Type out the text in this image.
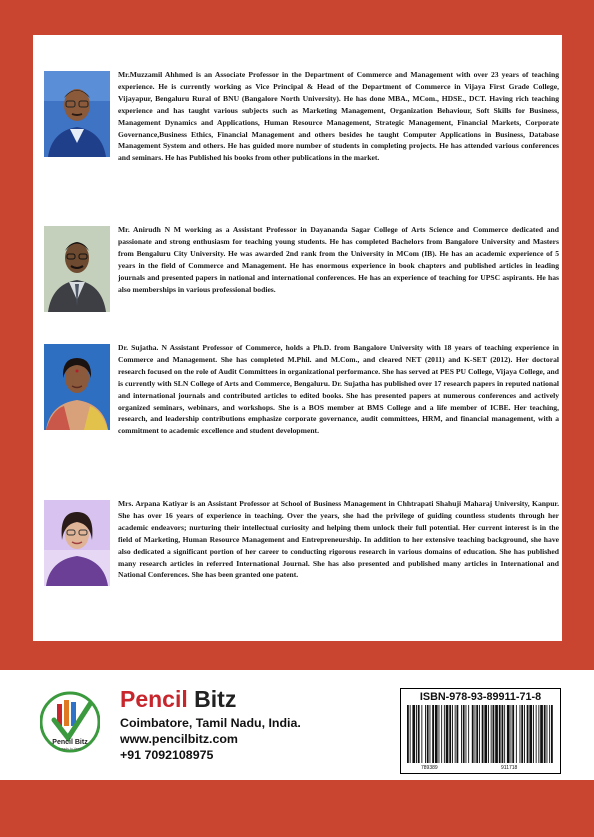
Mr.Muzzamil Ahhmed is an Associate Professor in the Department of Commerce and Management with over 23 years of teaching experience. He is currently working as Vice Principal & Head of the Department of Commerce in Vijaya First Grade College, Vijayapur, Bengaluru Rural of BNU (Bangalore North University). He has done MBA., MCom., HDSE., DCT. Having rich teaching experience and has taught various subjects such as Marketing Management, Organization Behaviour, Soft Skills for Business, Management Dynamics and Applications, Human Resource Management, Strategic Management, Financial Markets, Corporate Governance,Business Ethics, Financial Management and others besides he taught Computer Applications in Business, Database Management System and others. He has guided more number of students in completing projects. He has attended various conferences and seminars. He has Published his books from other publications in the market.

Mr. Anirudh N M working as a Assistant Professor in Dayananda Sagar College of Arts Science and Commerce dedicated and passionate and strong enthusiasm for teaching young students. He has completed Bachelors from Bangalore University and Masters from Bengaluru City University. He was awarded 2nd rank from the University in MCom (IB). He has an academic experience of 5 years in the field of Commerce and Management. He has enormous experience in book chapters and published articles in leading journals and presented papers in national and international conferences. He has an experience of teaching for UPSC aspirants. He has also memberships in various professional bodies.

Dr. Sujatha. N Assistant Professor of Commerce, holds a Ph.D. from Bangalore University with 18 years of teaching experience in Commerce and Management. She has completed M.Phil. and M.Com., and cleared NET (2011) and K-SET (2012). Her doctoral research focused on the role of Audit Committees in organizational performance. She has served at PES PU College, Vijaya College, and is currently with SLN College of Arts and Commerce, Bengaluru. Dr. Sujatha has published over 17 research papers in reputed national and international journals and contributed articles to edited books. She has presented papers at numerous conferences and actively organized seminars, webinars, and workshops. She is a BOS member at BMS College and a life member of ICBE. Her teaching, research, and leadership contributions emphasize corporate governance, audit committees, HRM, and financial management, with a commitment to academic excellence and student development.

Mrs. Arpana Katiyar is an Assistant Professor at School of Business Management in Chhtrapati Shahuji Maharaj University, Kanpur. She has over 16 years of experience in teaching. Over the years, she had the privilege of guiding countless students through her academic endeavors; nurturing their intellectual curiosity and helping them unlock their full potential. Her current interest is in the field of Marketing, Human Resource Management and Entrepreneurship. In addition to her extensive teaching background, she have also dedicated a significant portion of her career to conducting rigorous research in various domains of education. She has published many research articles in referred International Journal. She has also presented and published many articles in International and National Conferences. She has been granted one patent.

Pencil Bitz
Leads to Vest

Pencil Bitz

Coimbatore, Tamil Nadu, India.

www.pencilbitz.com

+91 7092108975

ISBN-978-93-89911-71-8

789389	911718
